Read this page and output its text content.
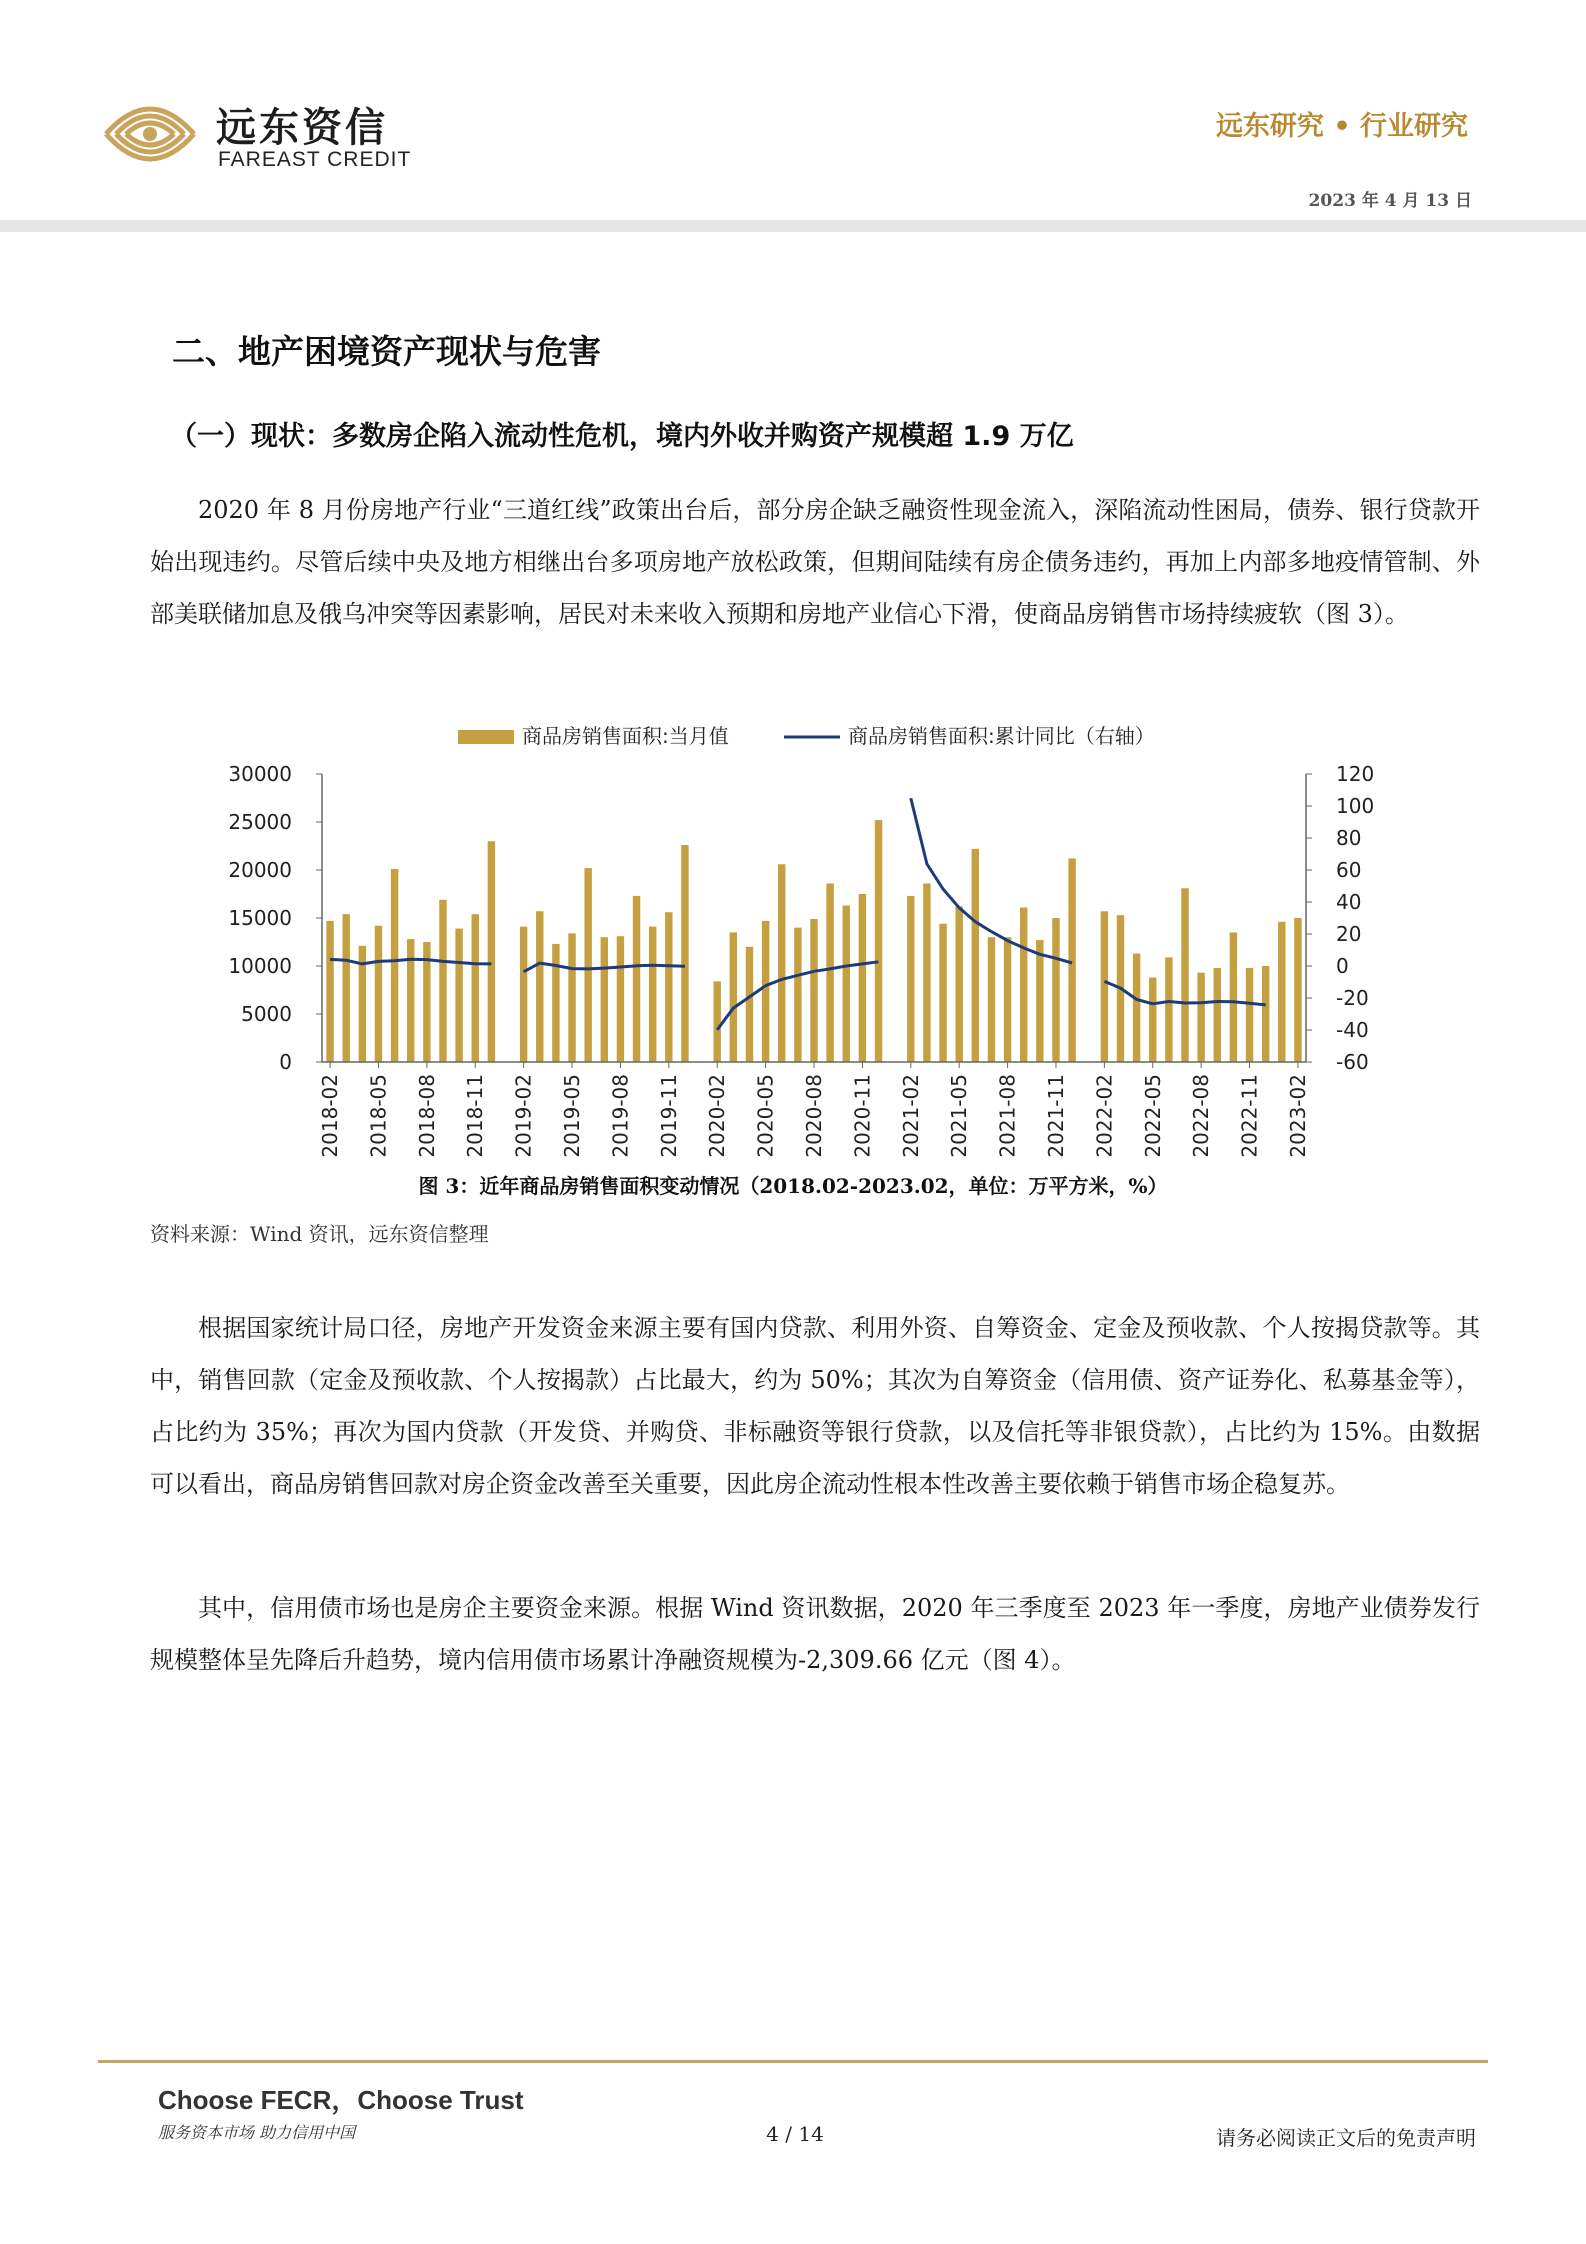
远东资信
FAREAST CREDIT
远东研究 • 行业研究
2023 年 4 月 13 日
二、地产困境资产现状与危害
（一）现状：多数房企陷入流动性危机，境内外收并购资产规模超 1.9 万亿
2020 年 8 月份房地产行业“三道红线”政策出台后，部分房企缺乏融资性现金流入，深陷流动性困局，债券、银行贷款开始出现违约。尽管后续中央及地方相继出台多项房地产放松政策，但期间陆续有房企债务违约，再加上内部多地疫情管制、外部美联储加息及俄乌冲突等因素影响，居民对未来收入预期和房地产业信心下滑，使商品房销售市场持续疲软（图 3）。
商品房销售面积:当月值	商品房销售面积:累计同比（右轴）
30000
25000
20000
15000
10000
5000
0
120
100
80
60
40
20
0
-20
-40
-60
2018-02 2018-05 2018-08 2018-11 2019-02 2019-05 2019-08 2019-11 2020-02 2020-05 2020-08 2020-11 2021-02 2021-05 2021-08 2021-11 2022-02 2022-05 2022-08 2022-11 2023-02
图 3：近年商品房销售面积变动情况（2018.02-2023.02，单位：万平方米，%）
资料来源：Wind 资讯，远东资信整理
根据国家统计局口径，房地产开发资金来源主要有国内贷款、利用外资、自筹资金、定金及预收款、个人按揭贷款等。其中，销售回款（定金及预收款、个人按揭款）占比最大，约为 50%；其次为自筹资金（信用债、资产证券化、私募基金等），占比约为 35%；再次为国内贷款（开发贷、并购贷、非标融资等银行贷款，以及信托等非银贷款），占比约为 15%。由数据可以看出，商品房销售回款对房企资金改善至关重要，因此房企流动性根本性改善主要依赖于销售市场企稳复苏。
其中，信用债市场也是房企主要资金来源。根据 Wind 资讯数据，2020 年三季度至 2023 年一季度，房地产业债券发行规模整体呈先降后升趋势，境内信用债市场累计净融资规模为-2,309.66 亿元（图 4）。
Choose FECR，Choose Trust
服务资本市场 助力信用中国	4 / 14	请务必阅读正文后的免责声明
